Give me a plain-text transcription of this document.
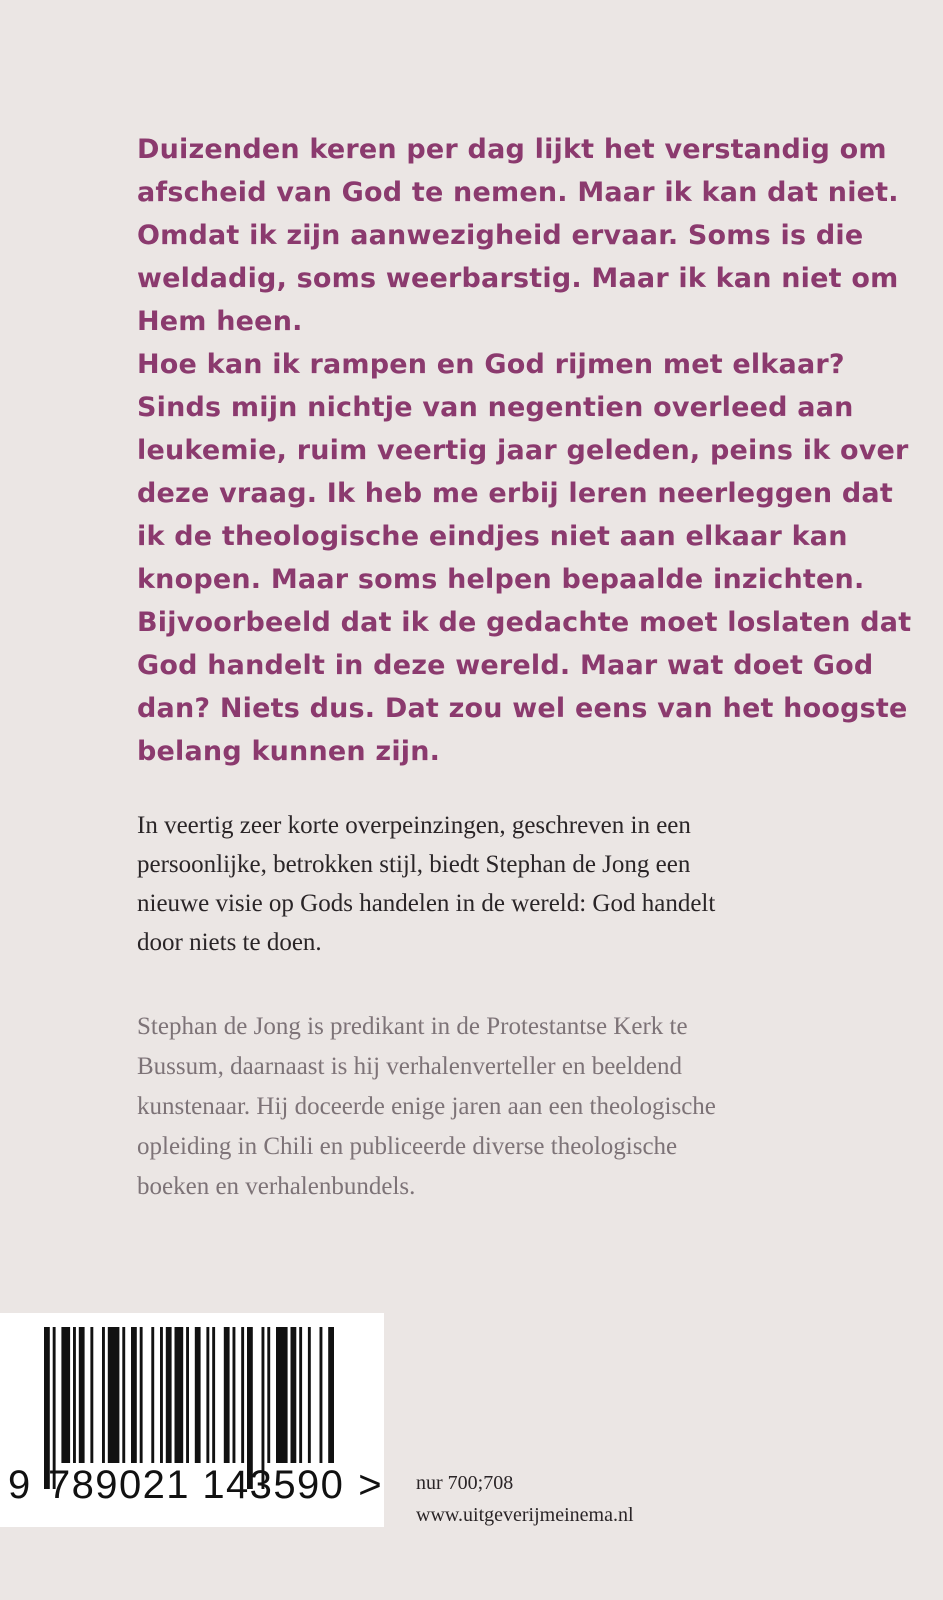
Duizenden keren per dag lijkt het verstandig om
afscheid van God te nemen. Maar ik kan dat niet.
Omdat ik zijn aanwezigheid ervaar. Soms is die
weldadig, soms weerbarstig. Maar ik kan niet om
Hem heen.
Hoe kan ik rampen en God rijmen met elkaar?
Sinds mijn nichtje van negentien overleed aan
leukemie, ruim veertig jaar geleden, peins ik over
deze vraag. Ik heb me erbij leren neerleggen dat
ik de theologische eindjes niet aan elkaar kan
knopen. Maar soms helpen bepaalde inzichten.
Bijvoorbeeld dat ik de gedachte moet loslaten dat
God handelt in deze wereld. Maar wat doet God
dan? Niets dus. Dat zou wel eens van het hoogste
belang kunnen zijn.
In veertig zeer korte overpeinzingen, geschreven in een
persoonlijke, betrokken stijl, biedt Stephan de Jong een
nieuwe visie op Gods handelen in de wereld: God handelt
door niets te doen.
Stephan de Jong is predikant in de Protestantse Kerk te
Bussum, daarnaast is hij verhalenverteller en beeldend
kunstenaar. Hij doceerde enige jaren aan een theologische
opleiding in Chili en publiceerde diverse theologische
boeken en verhalenbundels.
9 789021 143590 > nur 700;708
www.uitgeverijmeinema.nl
